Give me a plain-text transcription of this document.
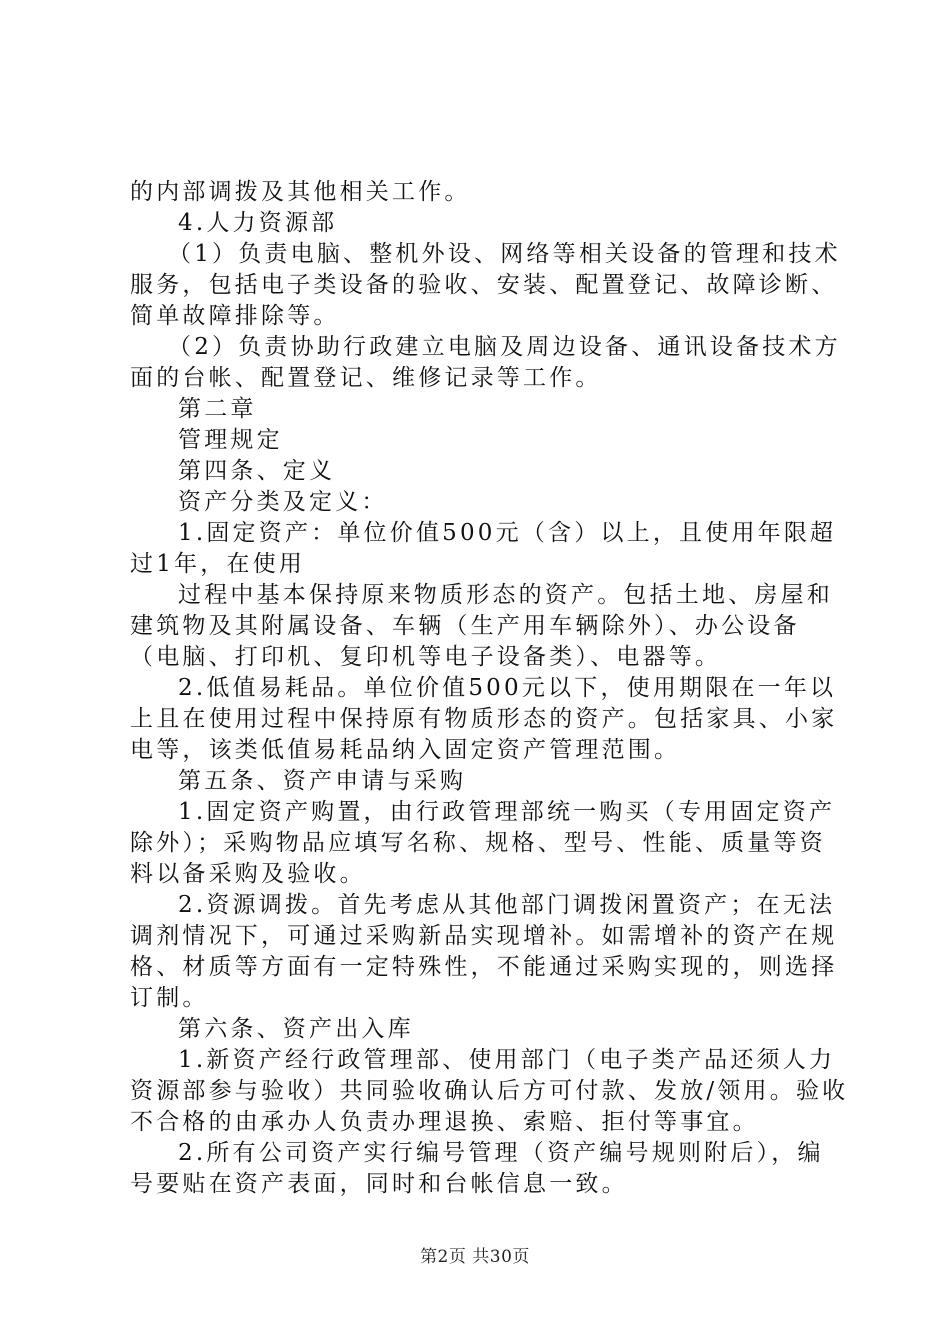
的内部调拨及其他相关工作。
4.人力资源部
（1）负责电脑、整机外设、网络等相关设备的管理和技术
服务，包括电子类设备的验收、安装、配置登记、故障诊断、
简单故障排除等。
（2）负责协助行政建立电脑及周边设备、通讯设备技术方
面的台帐、配置登记、维修记录等工作。
第二章
管理规定
第四条、定义
资产分类及定义：
1.固定资产：单位价值500元（含）以上，且使用年限超
过1年，在使用
过程中基本保持原来物质形态的资产。包括土地、房屋和
建筑物及其附属设备、车辆（生产用车辆除外）、办公设备
（电脑、打印机、复印机等电子设备类）、电器等。
2.低值易耗品。单位价值500元以下，使用期限在一年以
上且在使用过程中保持原有物质形态的资产。包括家具、小家
电等，该类低值易耗品纳入固定资产管理范围。
第五条、资产申请与采购
1.固定资产购置，由行政管理部统一购买（专用固定资产
除外）；采购物品应填写名称、规格、型号、性能、质量等资
料以备采购及验收。
2.资源调拨。首先考虑从其他部门调拨闲置资产；在无法
调剂情况下，可通过采购新品实现增补。如需增补的资产在规
格、材质等方面有一定特殊性，不能通过采购实现的，则选择
订制。
第六条、资产出入库
1.新资产经行政管理部、使用部门（电子类产品还须人力
资源部参与验收）共同验收确认后方可付款、发放/领用。验收
不合格的由承办人负责办理退换、索赔、拒付等事宜。
2.所有公司资产实行编号管理（资产编号规则附后），编
号要贴在资产表面，同时和台帐信息一致。
第2页 共30页
